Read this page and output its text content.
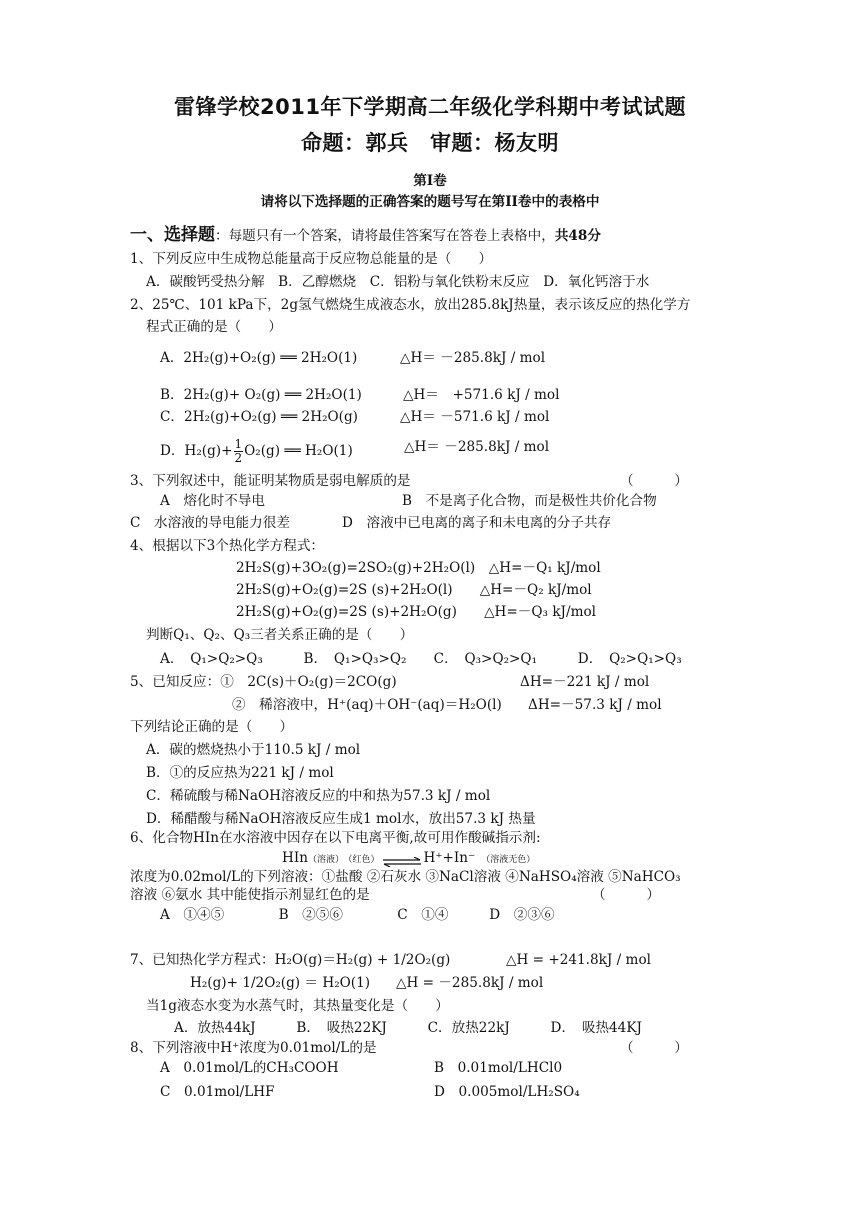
雷锋学校2011年下学期高二年级化学科期中考试试题
命题：郭兵　审题：杨友明
第Ⅰ卷
请将以下选择题的正确答案的题号写在第II卷中的表格中
一、选择题：每题只有一个答案，请将最佳答案写在答卷上表格中，共48分
1、下列反应中生成物总能量高于反应物总能量的是（　　）
A．碳酸钙受热分解　B．乙醇燃烧　C．铝粉与氧化铁粉末反应　D．氧化钙溶于水
2、25℃、101 kPa下，2g氢气燃烧生成液态水，放出285.8kJ热量，表示该反应的热化学方
程式正确的是（　　）
A．2H₂(g)+O₂(g) ══ 2H₂O(1)	△H＝ －285.8kJ / mol
B．2H₂(g)+ O₂(g) ══ 2H₂O(1)	△H＝　+571.6 kJ / mol
C．2H₂(g)+O₂(g) ══ 2H₂O(g)	△H＝ －571.6 kJ / mol
D．$H_2(g)+ \frac{1}{2} O_2(g)$ ══ H₂O(1)	△H＝ －285.8kJ / mol
3、下列叙述中，能证明某物质是弱电解质的是	（　　　）
A　熔化时不导电	B　不是离子化合物，而是极性共价化合物
C　水溶液的导电能力很差	D　溶液中已电离的离子和未电离的分子共存
4、根据以下3个热化学方程式：
2H₂S(g)+3O₂(g)=2SO₂(g)+2H₂O(l)　△H=－Q₁ kJ/mol
2H₂S(g)+O₂(g)=2S (s)+2H₂O(l)　　△H=－Q₂ kJ/mol
2H₂S(g)+O₂(g)=2S (s)+2H₂O(g)　　△H=－Q₃ kJ/mol
判断Q₁、Q₂、Q₃三者关系正确的是（　　）
A．　Q₁>Q₂>Q₃　　　B．　Q₁>Q₃>Q₂　　C．　Q₃>Q₂>Q₁　　　D．　Q₂>Q₁>Q₃
5、已知反应：①　2C(s)＋O₂(g)＝2CO(g)	ΔH=－221 kJ / mol
②　稀溶液中，H⁺(aq)＋OH⁻(aq)＝H₂O(l) ΔH=－57.3 kJ / mol
下列结论正确的是（　　）
A．碳的燃烧热小于110.5 kJ / mol
B．①的反应热为221 kJ / mol
C．稀硫酸与稀NaOH溶液反应的中和热为57.3 kJ / mol
D．稀醋酸与稀NaOH溶液反应生成1 mol水，放出57.3 kJ 热量
6、化合物HIn在水溶液中因存在以下电离平衡,故可用作酸碱指示剂:
HIn（溶液） （红色） ⇌ H⁺+In⁻ （溶液无色）
浓度为0.02mol/L的下列溶液：①盐酸 ②石灰水 ③NaCl溶液 ④NaHSO₄溶液 ⑤NaHCO₃
溶液 ⑥氨水 其中能使指示剂显红色的是	（　　　）
A　①④⑤　　　　B　②⑤⑥　　　　C　①④　　　D　②③⑥
7、已知热化学方程式：H₂O(g)＝H₂(g) + 1/2O₂(g)	△H = +241.8kJ / mol
H₂(g)+ 1/2O₂(g) ＝ H₂O(1) △H = －285.8kJ / mol
当1g液态水变为水蒸气时，其热量变化是（　　）
A．放热44kJ　　　B．　吸热22KJ　　　C．放热22kJ　　　D．　吸热44KJ
8、下列溶液中H⁺浓度为0.01mol/L的是	（　　　）
A　0.01mol/L的CH₃COOH	B　0.01mol/LHCl0
C　0.01mol/LHF	D　0.005mol/LH₂SO₄
